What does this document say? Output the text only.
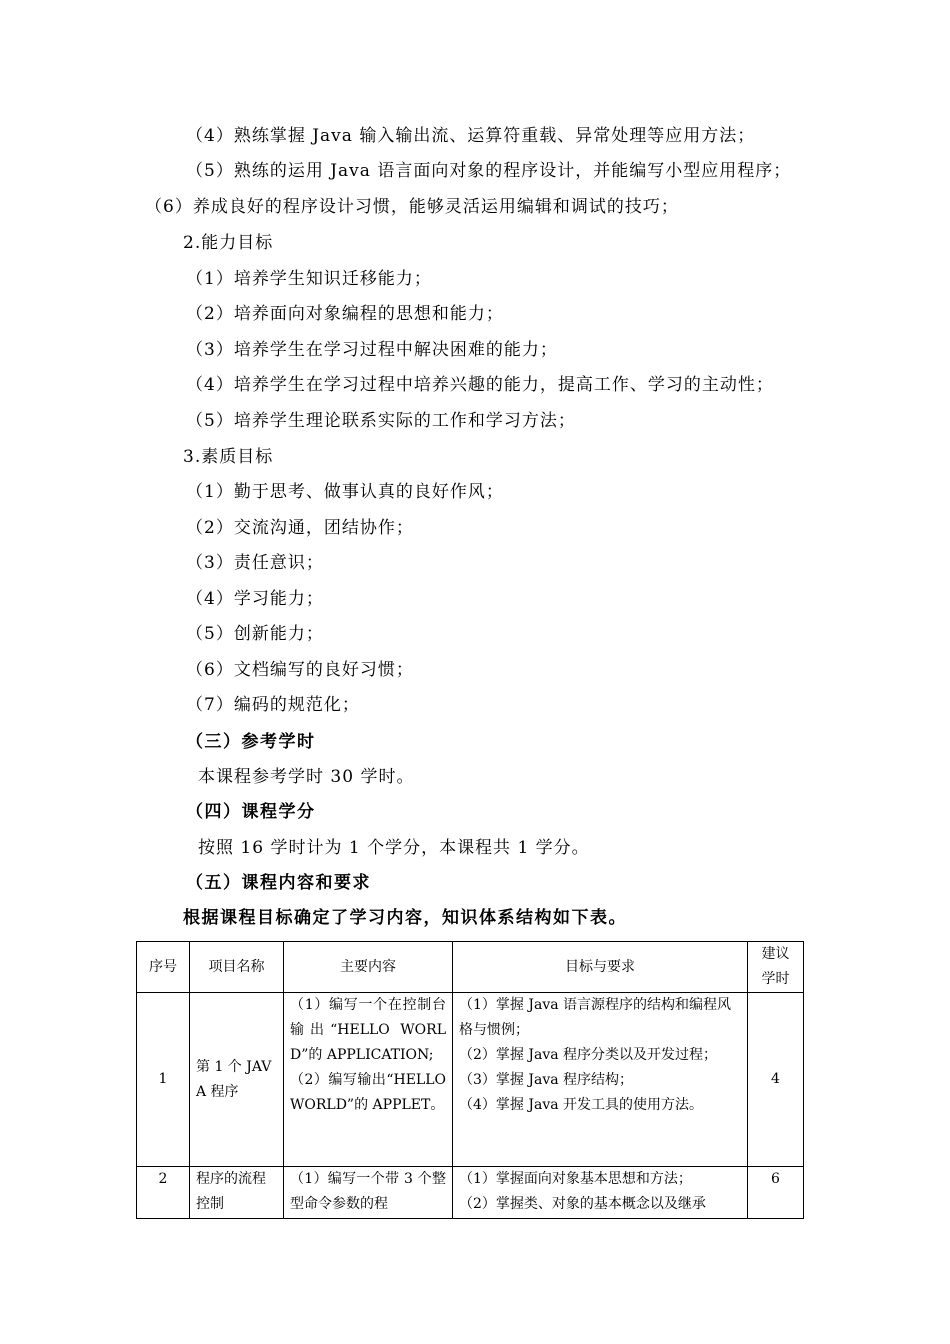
（4）熟练掌握 Java 输入输出流、运算符重载、异常处理等应用方法；
（5）熟练的运用 Java 语言面向对象的程序设计，并能编写小型应用程序；
（6）养成良好的程序设计习惯，能够灵活运用编辑和调试的技巧；
2.能力目标
（1）培养学生知识迁移能力；
（2）培养面向对象编程的思想和能力；
（3）培养学生在学习过程中解决困难的能力；
（4）培养学生在学习过程中培养兴趣的能力，提高工作、学习的主动性；
（5）培养学生理论联系实际的工作和学习方法；
3.素质目标
（1）勤于思考、做事认真的良好作风；
（2）交流沟通，团结协作；
（3）责任意识；
（4）学习能力；
（5）创新能力；
（6）文档编写的良好习惯；
（7）编码的规范化；
（三）参考学时
本课程参考学时 30 学时。
（四）课程学分
按照 16 学时计为 1 个学分，本课程共 1 学分。
（五）课程内容和要求
根据课程目标确定了学习内容，知识体系结构如下表。
序号	项目名称	主要内容	目标与要求	建议学时
1	第 1 个 JAVA 程序	（1）编写一个在控制台输出“HELLO WORLD”的 APPLICATION;
（2）编写输出“HELLO WORLD”的 APPLET。	（1）掌握 Java 语言源程序的结构和编程风格与惯例；
（2）掌握 Java 程序分类以及开发过程；
（3）掌握 Java 程序结构；
（4）掌握 Java 开发工具的使用方法。	4
2	程序的流程控制	（1）编写一个带 3 个整型命令参数的程	（1）掌握面向对象基本思想和方法；
（2）掌握类、对象的基本概念以及继承	6
